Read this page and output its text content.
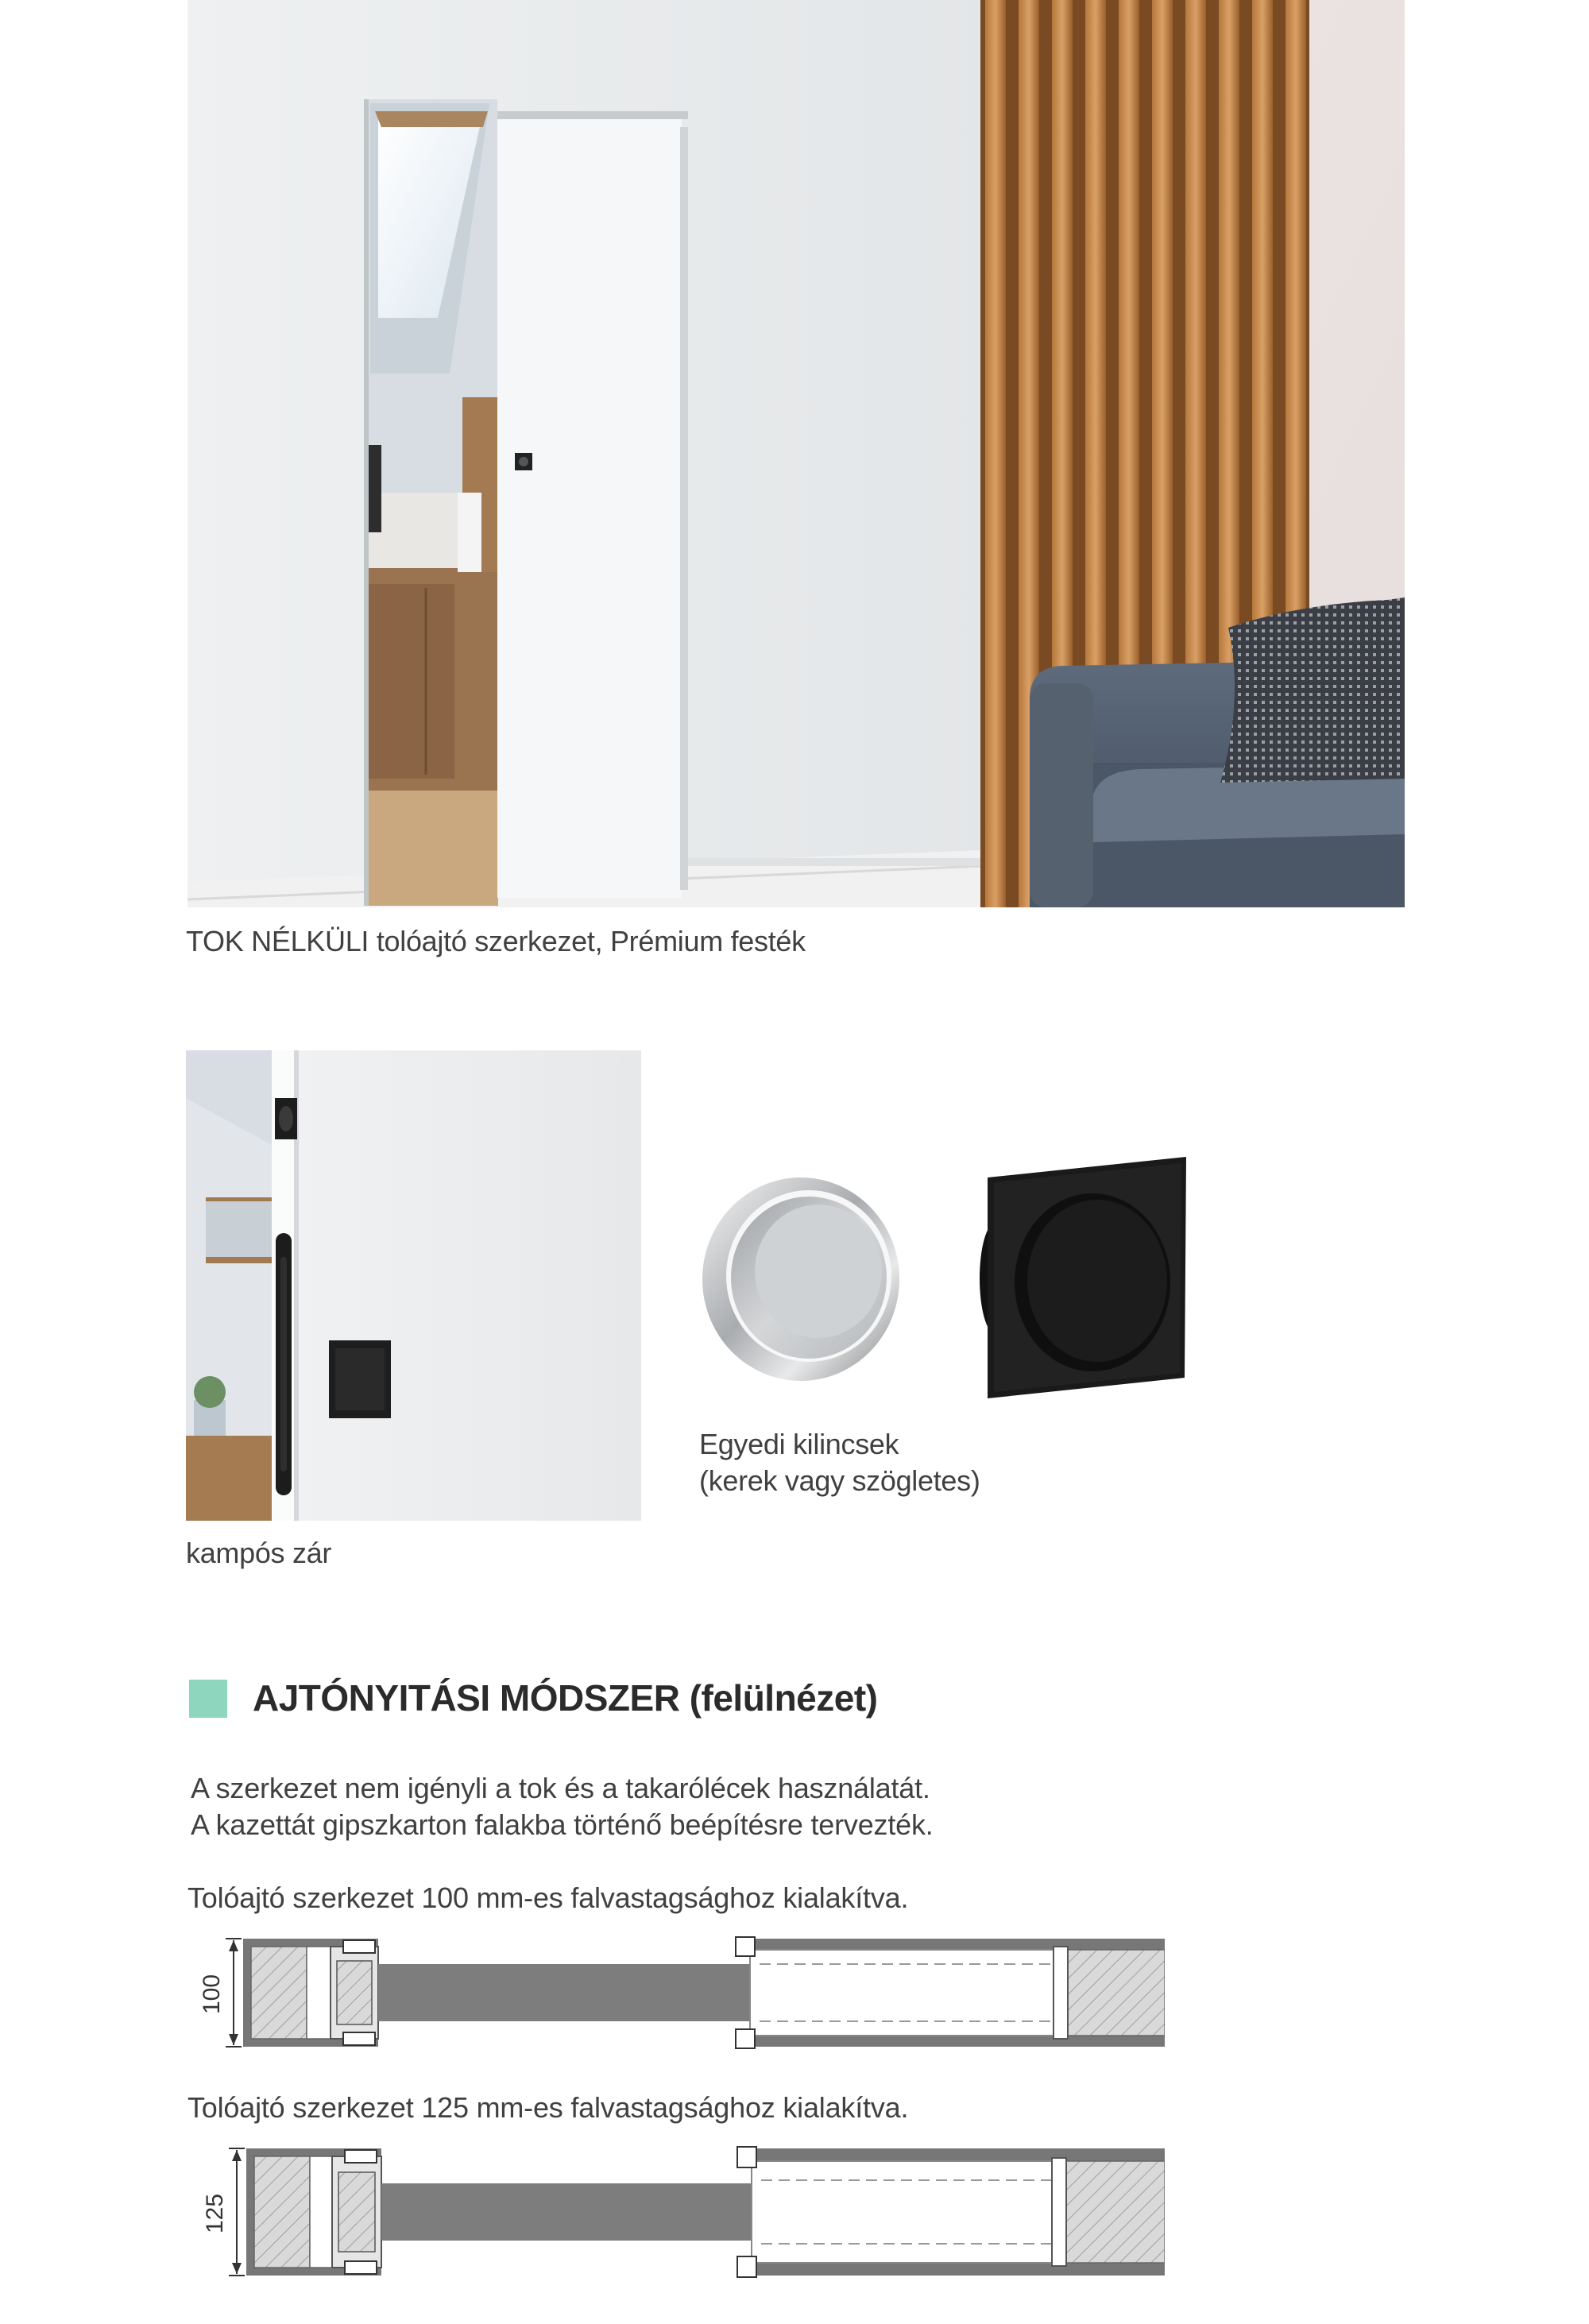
TOK NÉLKÜLI tolóajtó szerkezet, Prémium festék
kampós zár
Egyedi kilincsek
(kerek vagy szögletes)
AJTÓNYITÁSI MÓDSZER (felülnézet)
A szerkezet nem igényli a tok és a takarólécek használatát.
A kazettát gipszkarton falakba történő beépítésre tervezték.
Tolóajtó szerkezet 100 mm-es falvastagsághoz kialakítva.
100
Tolóajtó szerkezet 125 mm-es falvastagsághoz kialakítva.
125
